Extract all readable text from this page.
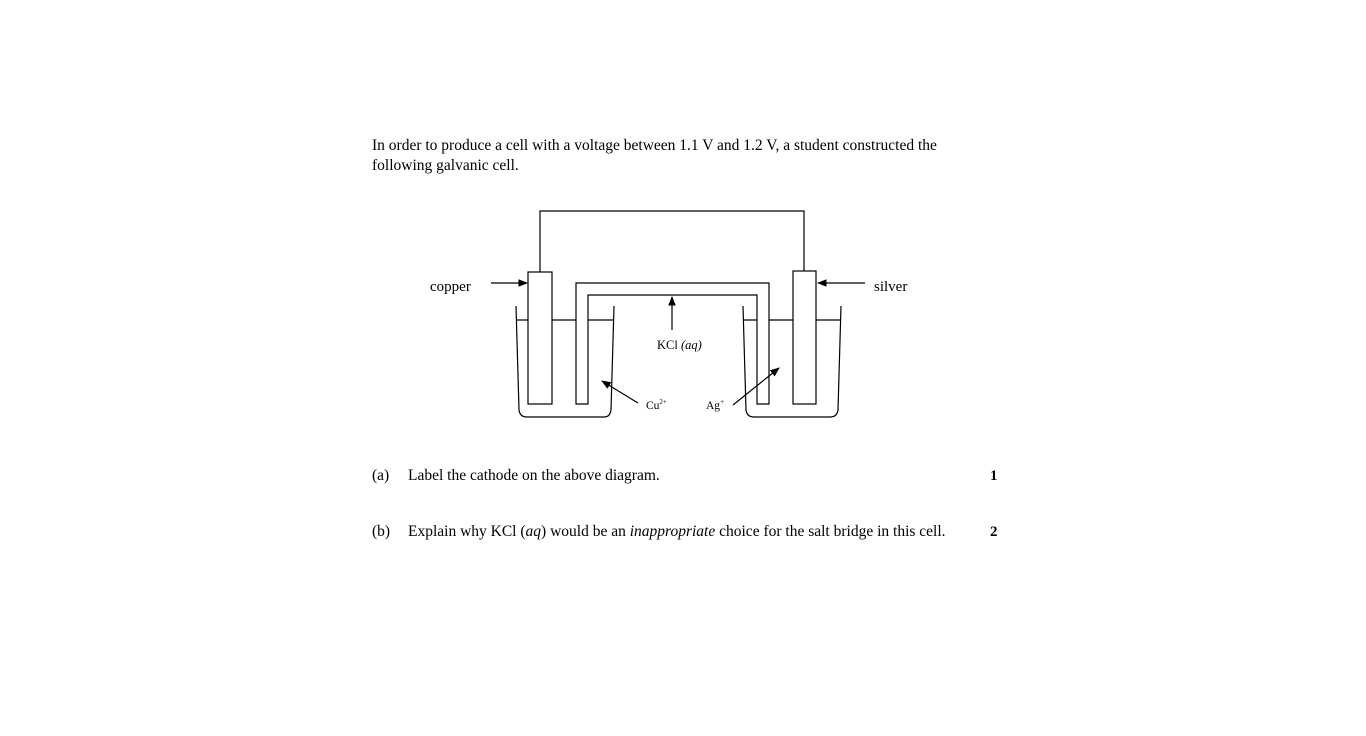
In order to produce a cell with a voltage between 1.1 V and 1.2 V, a student constructed the
following galvanic cell.
copper	silver
KCl (aq)
$Cu^{2+}$	Ag+
(a) Label the cathode on the above diagram.	1
(b) Explain why KCl (aq) would be an inappropriate choice for the salt bridge in this cell.	2
